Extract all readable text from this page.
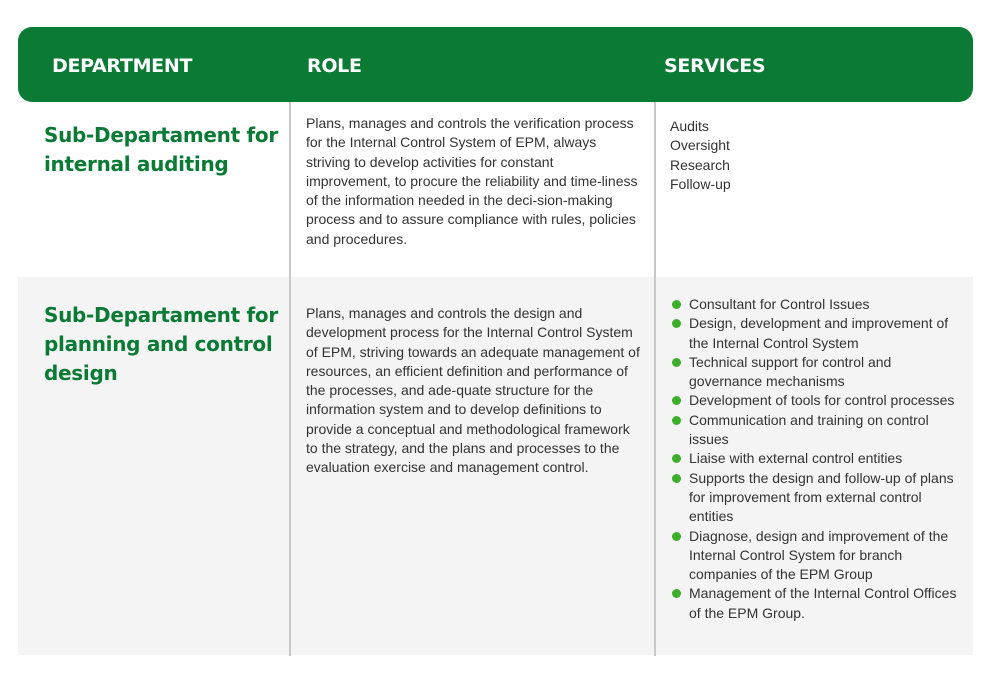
DEPARTMENT	ROLE	SERVICES
Sub-Departament for internal auditing
Plans, manages and controls the verification process for the Internal Control System of EPM, always striving to develop activities for constant improvement, to procure the reliability and time-liness of the information needed in the deci-sion-making process and to assure compliance with rules, policies and procedures.
Audits
Oversight
Research
Follow-up
Sub-Departament for planning and control design
Plans, manages and controls the design and development process for the Internal Control System of EPM, striving towards an adequate management of resources, an efficient definition and performance of the processes, and ade-quate structure for the information system and to develop definitions to provide a conceptual and methodological framework to the strategy, and the plans and processes to the evaluation exercise and management control.
Consultant for Control Issues
Design, development and improvement of the Internal Control System
Technical support for control and governance mechanisms
Development of tools for control processes
Communication and training on control issues
Liaise with external control entities
Supports the design and follow-up of plans for improvement from external control entities
Diagnose, design and improvement of the Internal Control System for branch companies of the EPM Group
Management of the Internal Control Offices of the EPM Group.
